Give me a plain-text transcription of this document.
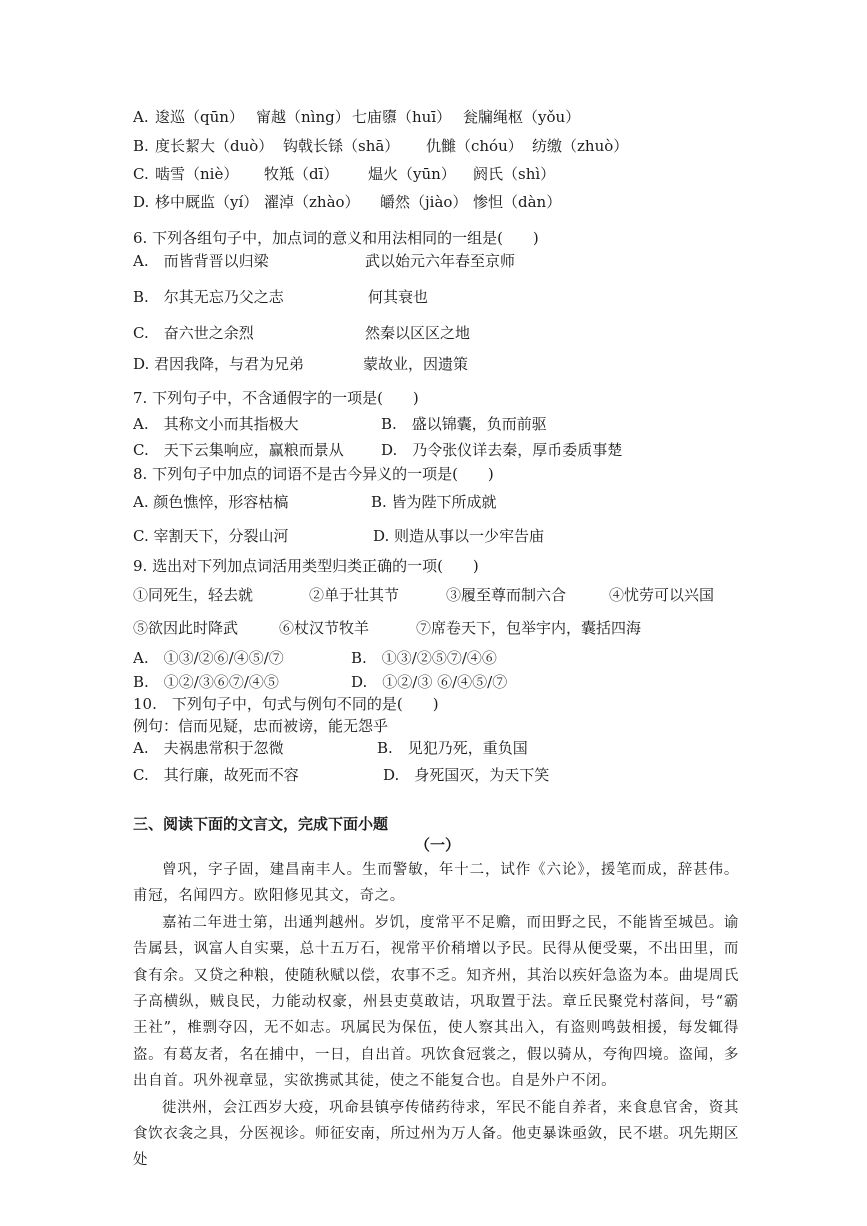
A. 逡巡（qūn） 甯越（nìng） 七庙隳（huī） 瓮牖绳枢（yǒu）
B. 度长絜大（duò） 钩戟长铩（shā） 仇雠（chóu） 纺缴（zhuò）
C. 啮雪（niè） 牧羝（dī） 煴火（yūn） 阏氏（shì）
D. 栘中厩监（yí） 濯淖（zhào） 皭然（jiào） 惨怛（dàn）
6. 下列各组句子中，加点词的意义和用法相同的一组是(　　)
A.　而皆背晋以归梁	武以始元六年春至京师
B.　尔其无忘乃父之志	何其衰也
C.　奋六世之余烈	然秦以区区之地
D. 君因我降，与君为兄弟	蒙故业，因遗策
7. 下列句子中，不含通假字的一项是(　　)
A.　其称文小而其指极大	B.　盛以锦囊，负而前驱
C.　天下云集响应，赢粮而景从 D.　乃令张仪详去秦，厚币委质事楚
8. 下列句子中加点的词语不是古今异义的一项是(　　)
A. 颜色憔悴，形容枯槁	B. 皆为陛下所成就
C. 宰割天下，分裂山河	D. 则造从事以一少牢告庙
9. 选出对下列加点词活用类型归类正确的一项(　　)
①同死生，轻去就	②单于壮其节	③履至尊而制六合	④忧劳可以兴国
⑤欲因此时降武	⑥杖汉节牧羊	⑦席卷天下，包举宇内，囊括四海
A.　①③/②⑥/④⑤/⑦	B.　①③/②⑤⑦/④⑥
B.　①②/③⑥⑦/④⑤	D.　①②/③ ⑥/④⑤/⑦
10.　下列句子中，句式与例句不同的是(　　)
例句：信而见疑，忠而被谤，能无怨乎
A.　夫祸患常积于忽微	B.　见犯乃死，重负国
C.　其行廉，故死而不容	D.　身死国灭，为天下笑
三、阅读下面的文言文，完成下面小题
（一）

曾巩，字子固，建昌南丰人。生而警敏，年十二，试作《六论》，援笔而成，辞甚伟。甫冠，名闻四方。欧阳修见其文，奇之。

嘉祐二年进士第，出通判越州。岁饥，度常平不足赡，而田野之民，不能皆至城邑。谕告属县，讽富人自实粟，总十五万石，视常平价稍增以予民。民得从便受粟，不出田里，而食有余。又贷之种粮，使随秋赋以偿，农事不乏。知齐州，其治以疾奸急盗为本。曲堤周氏子高横纵，贼良民，力能动权豪，州县吏莫敢诘，巩取置于法。章丘民聚党村落间，号“霸王社”，椎剽夺囚，无不如志。巩属民为保伍，使人察其出入，有盗则鸣鼓相援，每发辄得盗。有葛友者，名在捕中，一日，自出首。巩饮食冠裳之，假以骑从，夸徇四境。盗闻，多出自首。巩外视章显，实欲携贰其徒，使之不能复合也。自是外户不闭。

徙洪州，会江西岁大疫，巩命县镇亭传储药待求，军民不能自养者，来食息官舍，资其食饮衣衾之具，分医视诊。师征安南，所过州为万人备。他吏暴诛亟敛，民不堪。巩先期区处
